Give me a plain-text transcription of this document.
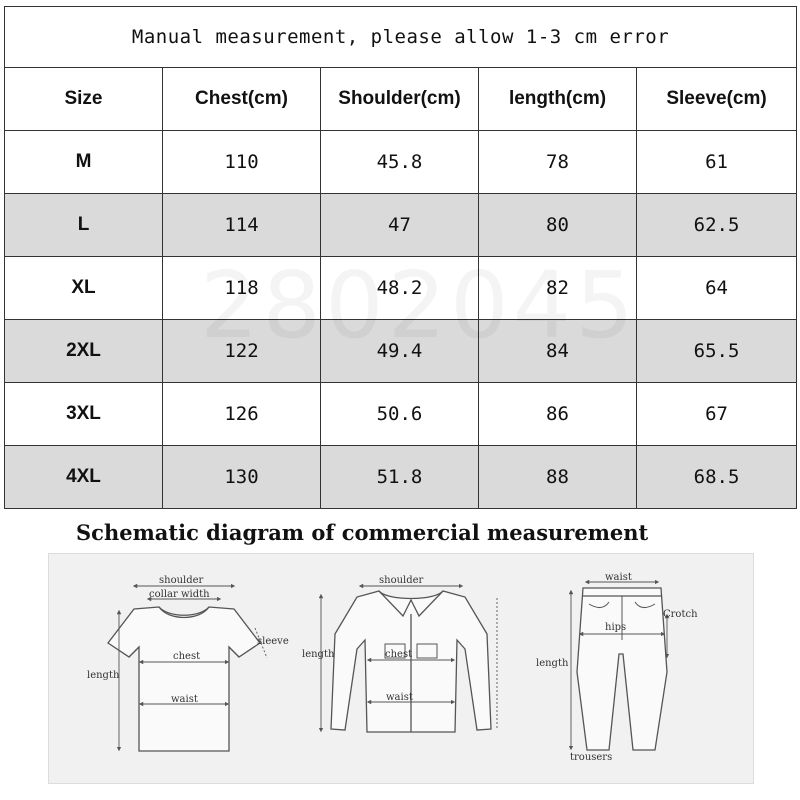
Manual measurement, please allow 1-3 cm error				
Size	Chest(cm)	Shoulder(cm)	length(cm)	Sleeve(cm)
M	110	45.8	78	61
L	114	47	80	62.5
XL	118	48.2	82	64
2XL	122	49.4	84	65.5
3XL	126	50.6	86	67
4XL	130	51.8	88	68.5
Schematic diagram of commercial measurement
shoulder
collar width
sleeve
chest
length
waist
shoulder
length	chest
waist
waist
Crotch
hips
length
trousers
